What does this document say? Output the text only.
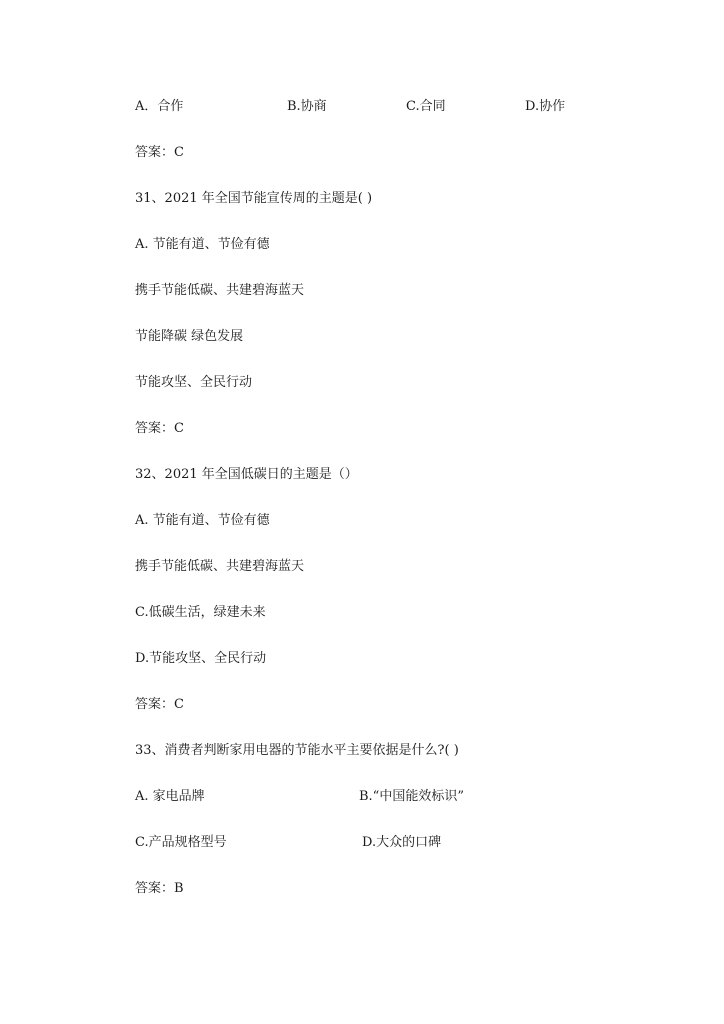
A．合作	B.协商	C.合同	D.协作
答案：C
31、2021 年全国节能宣传周的主题是( )
A. 节能有道、节俭有德
携手节能低碳、共建碧海蓝天
节能降碳 绿色发展
节能攻坚、全民行动
答案：C
32、2021 年全国低碳日的主题是（）
A. 节能有道、节俭有德
携手节能低碳、共建碧海蓝天
C.低碳生活，绿建未来
D.节能攻坚、全民行动
答案：C
33、消费者判断家用电器的节能水平主要依据是什么?( )
A. 家电品牌	B.“中国能效标识”
C.产品规格型号	D.大众的口碑
答案：B
